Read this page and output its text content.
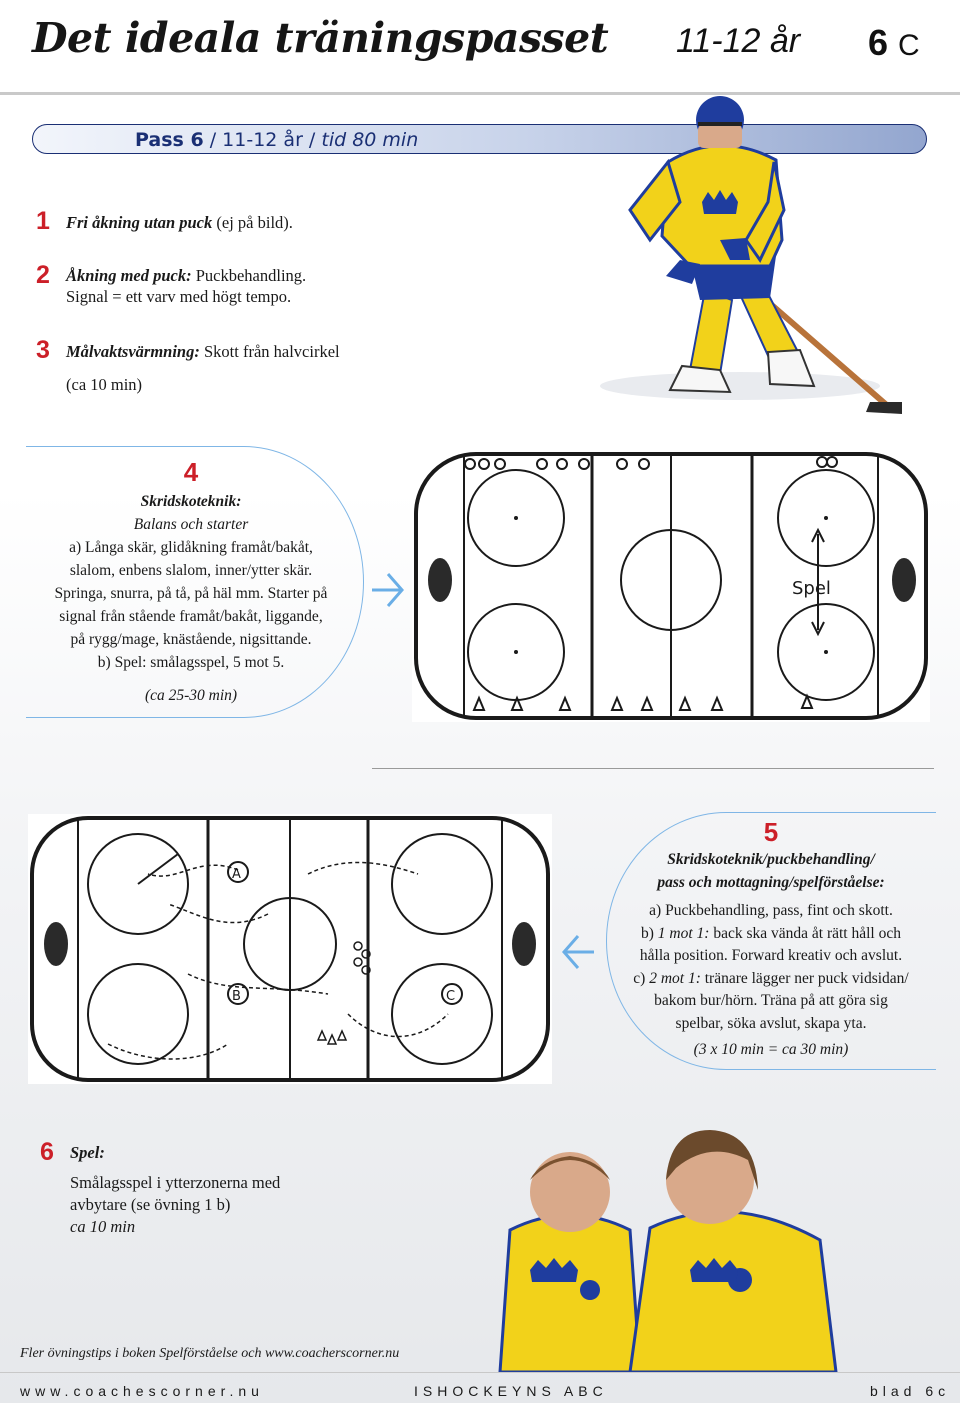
Det ideala träningspasset 11-12 år 6 C
Pass 6 / 11-12 år / tid 80 min
1 Fri åkning utan puck (ej på bild).
2 Åkning med puck: Puckbehandling.
Signal = ett varv med högt tempo.
3 Målvaktsvärmning: Skott från halvcirkel
(ca 10 min)
4
Skridskoteknik:
Balans och starter
a) Långa skär, glidåkning framåt/bakåt,
slalom, enbens slalom, inner/ytter skär.
Springa, snurra, på tå, på häl mm. Starter på
signal från stående framåt/bakåt, liggande,
på rygg/mage, knästående, nigsittande.
b) Spel: smålagsspel, 5 mot 5.
(ca 25-30 min)
Spel
A
B	C
5
Skridskoteknik/puckbehandling/
pass och mottagning/spelförståelse:
a) Puckbehandling, pass, fint och skott.
b) 1 mot 1: back ska vända åt rätt håll och
hålla position. Forward kreativ och avslut.
c) 2 mot 1: tränare lägger ner puck vidsidan/
bakom bur/hörn. Träna på att göra sig
spelbar, söka avslut, skapa yta.
(3 x 10 min = ca 30 min)
6 Spel:
Smålagsspel i ytterzonerna med
avbytare (se övning 1 b)
ca 10 min
Fler övningstips i boken Spelförståelse och www.coacherscorner.nu
www.coachescorner.nu	ISHOCKEYNS ABC	blad 6c
